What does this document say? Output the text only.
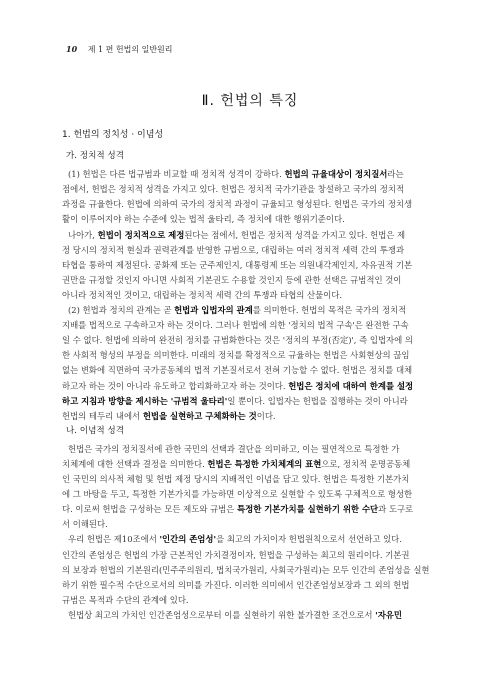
10 제 1 편 헌법의 일반원리
Ⅱ. 헌법의 특징
1. 헌법의 정치성 · 이념성
가. 정치적 성격
(1) 헌법은 다른 법규범과 비교할 때 정치적 성격이 강하다. 헌법의 규율대상이 정치질서라는
점에서, 헌법은 정치적 성격을 가지고 있다. 헌법은 정치적 국가기관을 창설하고 국가의 정치적
과정을 규율한다. 헌법에 의하여 국가의 정치적 과정이 규율되고 형성된다. 헌법은 국가의 정치생
활이 이루어지야 하는 수준에 있는 법적 울타리, 즉 정치에 대한 행위기준이다.
나아가, 헌법이 정치적으로 제정된다는 점에서, 헌법은 정치적 성격을 가지고 있다. 헌법은 제
정 당시의 정치적 현실과 권력관계를 반영한 규범으로, 대립하는 여러 정치적 세력 간의 투쟁과
타협을 통하여 제정된다. 공화제 또는 군주제인지, 대통령제 또는 의원내각제인지, 자유권적 기본
권만을 규정할 것인지 아니면 사회적 기본권도 수용할 것인지 등에 관한 선택은 규범적인 것이
아니라 정치적인 것이고, 대립하는 정치적 세력 간의 투쟁과 타협의 산물이다.
(2) 헌법과 정치의 관계는 곧 헌법과 입법자의 관계를 의미한다. 헌법의 목적은 국가의 정치적
지배를 법적으로 구속하고자 하는 것이다. 그러나 헌법에 의한 '정치의 법적 구속'은 완전한 구속
일 수 없다. 헌법에 의하여 완전히 정치를 규범화한다는 것은 '정치의 부정(否定)', 즉 입법자에 의
한 사회적 형성의 부정을 의미한다. 미래의 정치를 확정적으로 규율하는 헌법은 사회현상의 끊임
없는 변화에 직면하여 국가공동체의 법적 기본질서로서 전혀 기능할 수 없다. 헌법은 정치를 대체
하고자 하는 것이 아니라 유도하고 합리화하고자 하는 것이다. 헌법은 정치에 대하여 한계를 설정
하고 지침과 방향을 제시하는 '규범적 울타리'일 뿐이다. 입법자는 헌법을 집행하는 것이 아니라
헌법의 테두리 내에서 헌법을 실현하고 구체화하는 것이다.
나. 이념적 성격
헌법은 국가의 정치질서에 관한 국민의 선택과 결단을 의미하고, 이는 필연적으로 특정한 가
치체계에 대한 선택과 결정을 의미한다. 헌법은 특정한 가치체계의 표현으로, 정치적 운명공동체
인 국민의 의사적 체험 및 헌법 제정 당시의 지배적인 이념을 담고 있다. 헌법은 특정한 기본가치
에 그 바탕을 두고, 특정한 기본가치를 가능하면 이상적으로 실현할 수 있도록 구체적으로 형성한
다. 이로써 헌법을 구성하는 모든 제도와 규범은 특정한 기본가치를 실현하기 위한 수단과 도구로
서 이해된다.
우리 헌법은 제10조에서 '인간의 존엄성'을 최고의 가치이자 헌법원칙으로서 선언하고 있다.
인간의 존엄성은 헌법의 가장 근본적인 가치결정이자, 헌법을 구성하는 최고의 원리이다. 기본권
의 보장과 헌법의 기본원리(민주주의원리, 법치국가원리, 사회국가원리)는 모두 인간의 존엄성을 실현
하기 위한 필수적 수단으로서의 의미를 가진다. 이러한 의미에서 인간존엄성보장과 그 외의 헌법
규범은 목적과 수단의 관계에 있다.
헌법상 최고의 가치인 인간존엄성으로부터 이를 실현하기 위한 불가결한 조건으로서 '자유민
